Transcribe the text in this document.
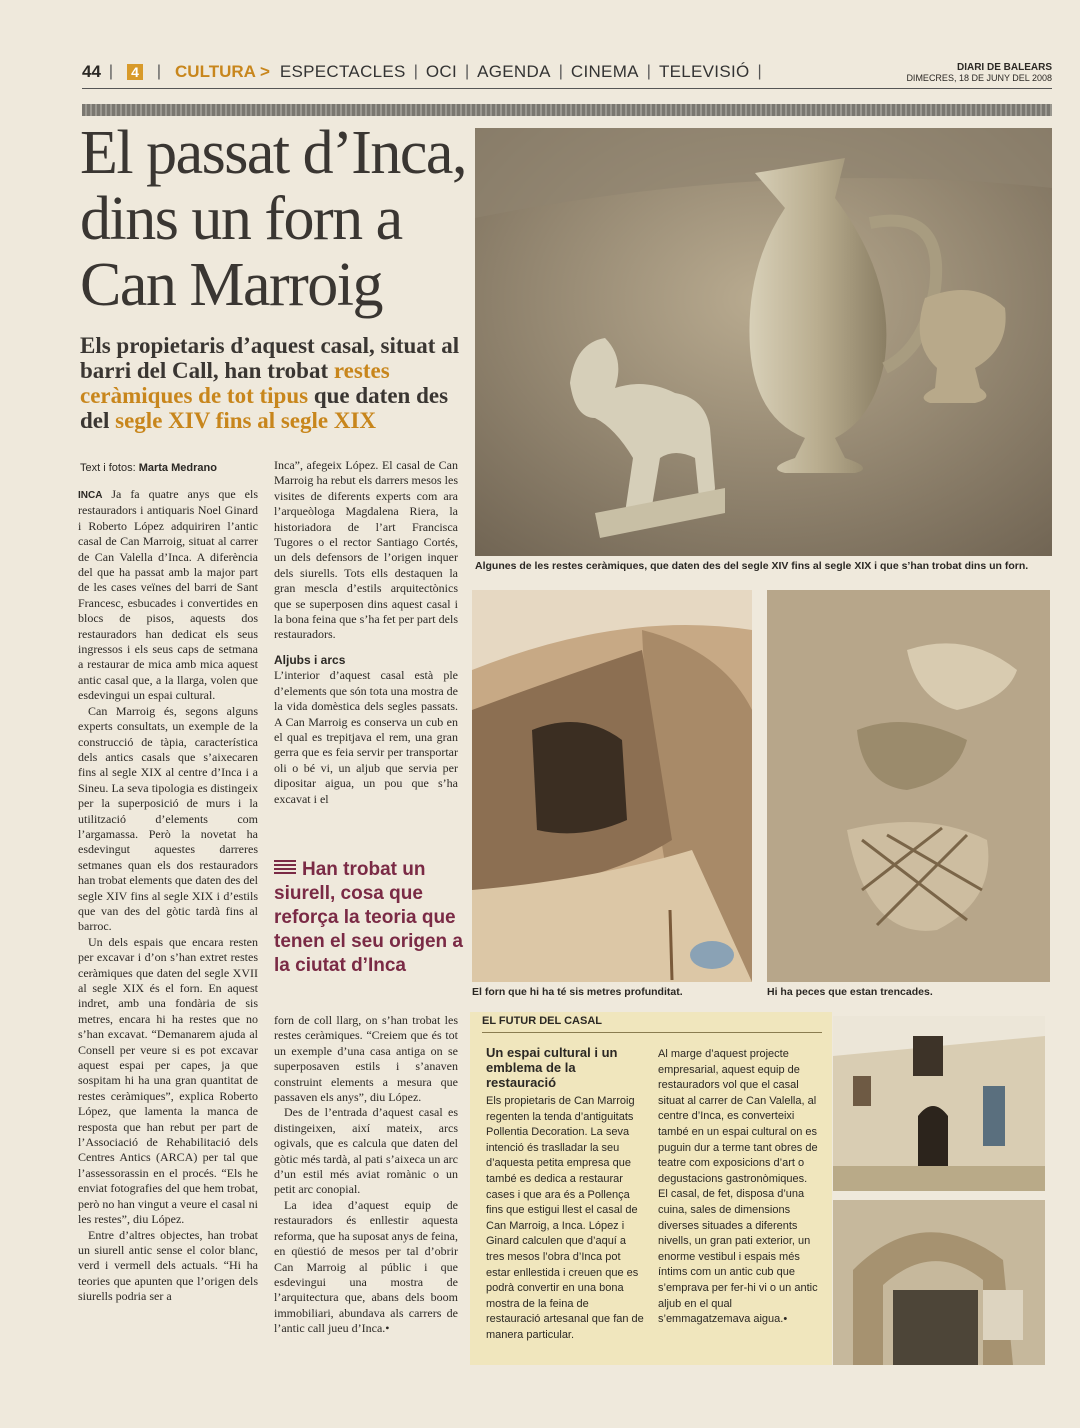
44 | 4 | CULTURA > ESPECTACLES | OCI | AGENDA | CINEMA | TELEVISIÓ |	DIARI DE BALEARS
DIMECRES, 18 DE JUNY DEL 2008
El passat d’Inca, dins un forn a Can Marroig
Els propietaris d’aquest casal, situat al barri del Call, han trobat restes ceràmiques de tot tipus que daten des del segle XIV fins al segle XIX
Text i fotos: Marta Medrano

INCA Ja fa quatre anys que els restauradors i antiquaris Noel Ginard i Roberto López adquiriren l’antic casal de Can Marroig, situat al carrer de Can Valella d’Inca. A diferència del que ha passat amb la major part de les cases veïnes del barri de Sant Francesc, esbucades i convertides en blocs de pisos, aquests dos restauradors han dedicat els seus ingressos i els seus caps de setmana a restaurar de mica amb mica aquest antic casal que, a la llarga, volen que esdevingui un espai cultural.

Can Marroig és, segons alguns experts consultats, un exemple de la construcció de tàpia, característica dels antics casals que s’aixecaren fins al segle XIX al centre d’Inca i a Sineu. La seva tipologia es distingeix per la superposició de murs i la utilització d’elements com l’argamassa. Però la novetat ha esdevingut aquestes darreres setmanes quan els dos restauradors han trobat elements que daten des del segle XIV fins al segle XIX i d’estils que van des del gòtic tardà fins al barroc.

Un dels espais que encara resten per excavar i d’on s’han extret restes ceràmiques que daten del segle XVII al segle XIX és el forn. En aquest indret, amb una fondària de sis metres, encara hi ha restes que no s’han excavat. “Demanarem ajuda al Consell per veure si es pot excavar aquest espai per capes, ja que sospitam hi ha una gran quantitat de restes ceràmiques”, explica Roberto López, que lamenta la manca de resposta que han rebut per part de l’Associació de Rehabilitació dels Centres Antics (ARCA) per tal que l’assessorassin en el procés. “Els he enviat fotografies del que hem trobat, però no han vingut a veure el casal ni les restes”, diu López.

Entre d’altres objectes, han trobat un siurell antic sense el color blanc, verd i vermell dels actuals. “Hi ha teories que apunten que l’origen dels siurells podria ser a

Inca”, afegeix López. El casal de Can Marroig ha rebut els darrers mesos les visites de diferents experts com ara l’arqueòloga Magdalena Riera, la historiadora de l’art Francisca Tugores o el rector Santiago Cortés, un dels defensors de l’origen inquer dels siurells. Tots ells destaquen la gran mescla d’estils arquitectònics que se superposen dins aquest casal i la bona feina que s’ha fet per part dels restauradors.

Aljubs i arcs

L’interior d’aquest casal està ple d’elements que són tota una mostra de la vida domèstica dels segles passats. A Can Marroig es conserva un cub en el qual es trepitjava el rem, una gran gerra que es feia servir per transportar oli o bé vi, un aljub que servia per dipositar aigua, un pou que s’ha excavat i el

Han trobat un siurell, cosa que reforça la teoria que tenen el seu origen a la ciutat d’Inca

forn de coll llarg, on s’han trobat les restes ceràmiques. “Creiem que és tot un exemple d’una casa antiga on se superposaven estils i s’anaven construint elements a mesura que passaven els anys”, diu López.

Des de l’entrada d’aquest casal es distingeixen, així mateix, arcs ogivals, que es calcula que daten del gòtic més tardà, al pati s’aixeca un arc d’un estil més aviat romànic o un petit arc conopial.

La idea d’aquest equip de restauradors és enllestir aquesta reforma, que ha suposat anys de feina, en qüestió de mesos per tal d’obrir Can Marroig al públic i que esdevingui una mostra de l’arquitectura que, abans dels boom immobiliari, abundava als carrers de l’antic call jueu d’Inca.•

Algunes de les restes ceràmiques, que daten des del segle XIV fins al segle XIX i que s’han trobat dins un forn.
El forn que hi ha té sis metres profunditat.	Hi ha peces que estan trencades.
EL FUTUR DEL CASAL
Un espai cultural i un emblema de la restauració
Els propietaris de Can Marroig regenten la tenda d’antiguitats Pollentia Decoration. La seva intenció és traslladar la seu d’aquesta petita empresa que també es dedica a restaurar cases i que ara és a Pollença fins que estigui llest el casal de Can Marroig, a Inca. López i Ginard calculen que d’aquí a tres mesos l’obra d’Inca pot estar enllestida i creuen que es podrà convertir en una bona mostra de la feina de restauració artesanal que fan de manera particular.
Al marge d’aquest projecte empresarial, aquest equip de restauradors vol que el casal situat al carrer de Can Valella, al centre d’Inca, es converteixi també en un espai cultural on es puguin dur a terme tant obres de teatre com exposicions d’art o degustacions gastronòmiques. El casal, de fet, disposa d’una cuina, sales de dimensions diverses situades a diferents nivells, un gran pati exterior, un enorme vestibul i espais més íntims com un antic cub que s’emprava per fer-hi vi o un antic aljub en el qual s’emmagatzemava aigua.•
